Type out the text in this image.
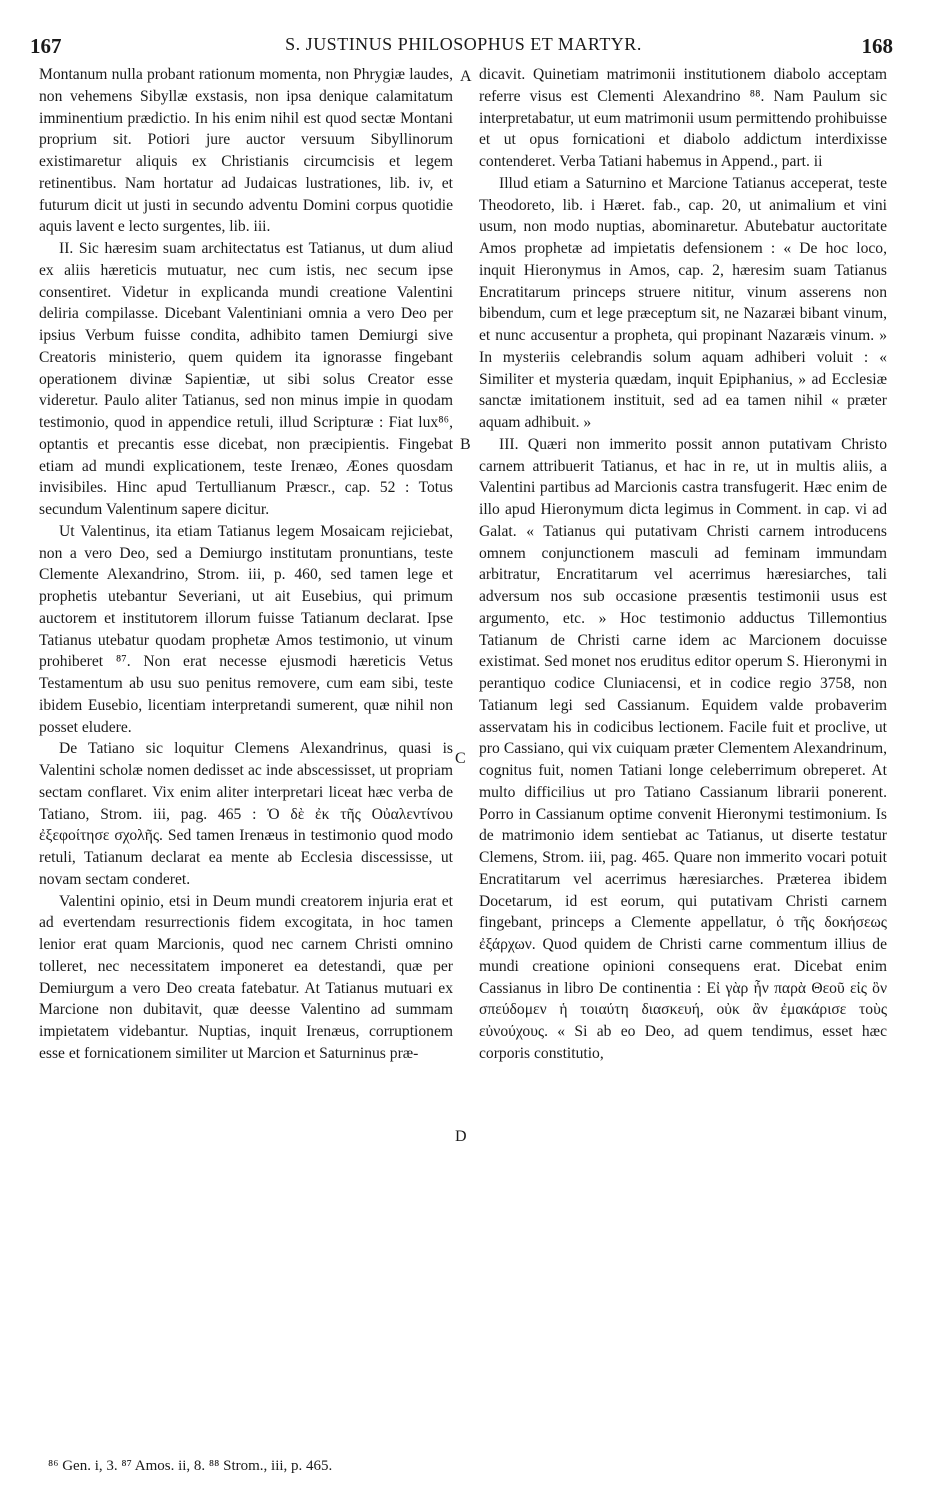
167	S. JUSTINUS PHILOSOPHUS ET MARTYR.	168

Montanum nulla probant rationum momenta, non Phrygiæ laudes, non vehemens Sibyllæ exstasis, non ipsa denique calamitatum imminentium prædictio. In his enim nihil est quod sectæ Montani proprium sit. Potiori jure auctor versuum Sibyllinorum existimaretur aliquis ex Christianis circumcisis et legem retinentibus. Nam hortatur ad Judaicas lustrationes, lib. iv, et futurum dicit ut justi in secundo adventu Domini corpus quotidie aquis lavent e lecto surgentes, lib. iii.

II. Sic hæresim suam architectatus est Tatianus, ut dum aliud ex aliis hæreticis mutuatur, nec cum istis, nec secum ipse consentiret. Videtur in explicanda mundi creatione Valentini deliria compilasse. Dicebant Valentiniani omnia a vero Deo per ipsius Verbum fuisse condita, adhibito tamen Demiurgi sive Creatoris ministerio, quem quidem ita ignorasse fingebant operationem divinæ Sapientiæ, ut sibi solus Creator esse videretur. Paulo aliter Tatianus, sed non minus impie in quodam testimonio, quod in appendice retuli, illud Scripturæ : Fiat lux⁸⁶, optantis et precantis esse dicebat, non præcipientis. Fingebat etiam ad mundi explicationem, teste Irenæo, Æones quosdam invisibiles. Hinc apud Tertullianum Præscr., cap. 52 : Totus secundum Valentinum sapere dicitur.

Ut Valentinus, ita etiam Tatianus legem Mosaicam rejiciebat, non a vero Deo, sed a Demiurgo institutam pronuntians, teste Clemente Alexandrino, Strom. iii, p. 460, sed tamen lege et prophetis utebantur Severiani, ut ait Eusebius, qui primum auctorem et institutorem illorum fuisse Tatianum declarat. Ipse Tatianus utebatur quodam prophetæ Amos testimonio, ut vinum prohiberet ⁸⁷. Non erat necesse ejusmodi hæreticis Vetus Testamentum ab usu suo penitus removere, cum eam sibi, teste ibidem Eusebio, licentiam interpretandi sumerent, quæ nihil non posset eludere.

De Tatiano sic loquitur Clemens Alexandrinus, quasi is Valentini scholæ nomen dedisset ac inde abscessisset, ut propriam sectam conflaret. Vix enim aliter interpretari liceat hæc verba de Tatiano, Strom. iii, pag. 465 : Ὁ δὲ ἐκ τῆς Οὐαλεντίνου ἐξεφοίτησε σχολῆς. Sed tamen Irenæus in testimonio quod modo retuli, Tatianum declarat ea mente ab Ecclesia discessisse, ut novam sectam conderet.

Valentini opinio, etsi in Deum mundi creatorem injuria erat et ad evertendam resurrectionis fidem excogitata, in hoc tamen lenior erat quam Marcionis, quod nec carnem Christi omnino tolleret, nec necessitatem imponeret ea detestandi, quæ per Demiurgum a vero Deo creata fatebatur. At Tatianus mutuari ex Marcione non dubitavit, quæ deesse Valentino ad summam impietatem videbantur. Nuptias, inquit Irenæus, corruptionem esse et fornicationem similiter ut Marcion et Saturninus præ-

A
B
C
D

dicavit. Quinetiam matrimonii institutionem diabolo acceptam referre visus est Clementi Alexandrino ⁸⁸. Nam Paulum sic interpretabatur, ut eum matrimonii usum permittendo prohibuisse et ut opus fornicationi et diabolo addictum interdixisse contenderet. Verba Tatiani habemus in Append., part. ii

Illud etiam a Saturnino et Marcione Tatianus acceperat, teste Theodoreto, lib. i Hæret. fab., cap. 20, ut animalium et vini usum, non modo nuptias, abominaretur. Abutebatur auctoritate Amos prophetæ ad impietatis defensionem : « De hoc loco, inquit Hieronymus in Amos, cap. 2, hæresim suam Tatianus Encratitarum princeps struere nititur, vinum asserens non bibendum, cum et lege præceptum sit, ne Nazaræi bibant vinum, et nunc accusentur a propheta, qui propinant Nazaræis vinum. » In mysteriis celebrandis solum aquam adhiberi voluit : « Similiter et mysteria quædam, inquit Epiphanius, » ad Ecclesiæ sanctæ imitationem instituit, sed ad ea tamen nihil « præter aquam adhibuit. »

III. Quæri non immerito possit annon putativam Christo carnem attribuerit Tatianus, et hac in re, ut in multis aliis, a Valentini partibus ad Marcionis castra transfugerit. Hæc enim de illo apud Hieronymum dicta legimus in Comment. in cap. vi ad Galat. « Tatianus qui putativam Christi carnem introducens omnem conjunctionem masculi ad feminam immundam arbitratur, Encratitarum vel acerrimus hæresiarches, tali adversum nos sub occasione præsentis testimonii usus est argumento, etc. » Hoc testimonio adductus Tillemontius Tatianum de Christi carne idem ac Marcionem docuisse existimat. Sed monet nos eruditus editor operum S. Hieronymi in perantiquo codice Cluniacensi, et in codice regio 3758, non Tatianum legi sed Cassianum. Equidem valde probaverim asservatam his in codicibus lectionem. Facile fuit et proclive, ut pro Cassiano, qui vix cuiquam præter Clementem Alexandrinum, cognitus fuit, nomen Tatiani longe celeberrimum obreperet. At multo difficilius ut pro Tatiano Cassianum librarii ponerent. Porro in Cassianum optime convenit Hieronymi testimonium. Is de matrimonio idem sentiebat ac Tatianus, ut diserte testatur Clemens, Strom. iii, pag. 465. Quare non immerito vocari potuit Encratitarum vel acerrimus hæresiarches. Præterea ibidem Docetarum, id est eorum, qui putativam Christi carnem fingebant, princeps a Clemente appellatur, ὁ τῆς δοκήσεως ἐξάρχων. Quod quidem de Christi carne commentum illius de mundi creatione opinioni consequens erat. Dicebat enim Cassianus in libro De continentia : Εἰ γὰρ ἦν παρὰ Θεοῦ εἰς ὃν σπεύδομεν ἡ τοιαύτη διασκευή, οὐκ ἂν ἐμακάρισε τοὺς εὐνούχους. « Si ab eo Deo, ad quem tendimus, esset hæc corporis constitutio,

⁸⁶ Gen. i, 3. ⁸⁷ Amos. ii, 8. ⁸⁸ Strom., iii, p. 465.
